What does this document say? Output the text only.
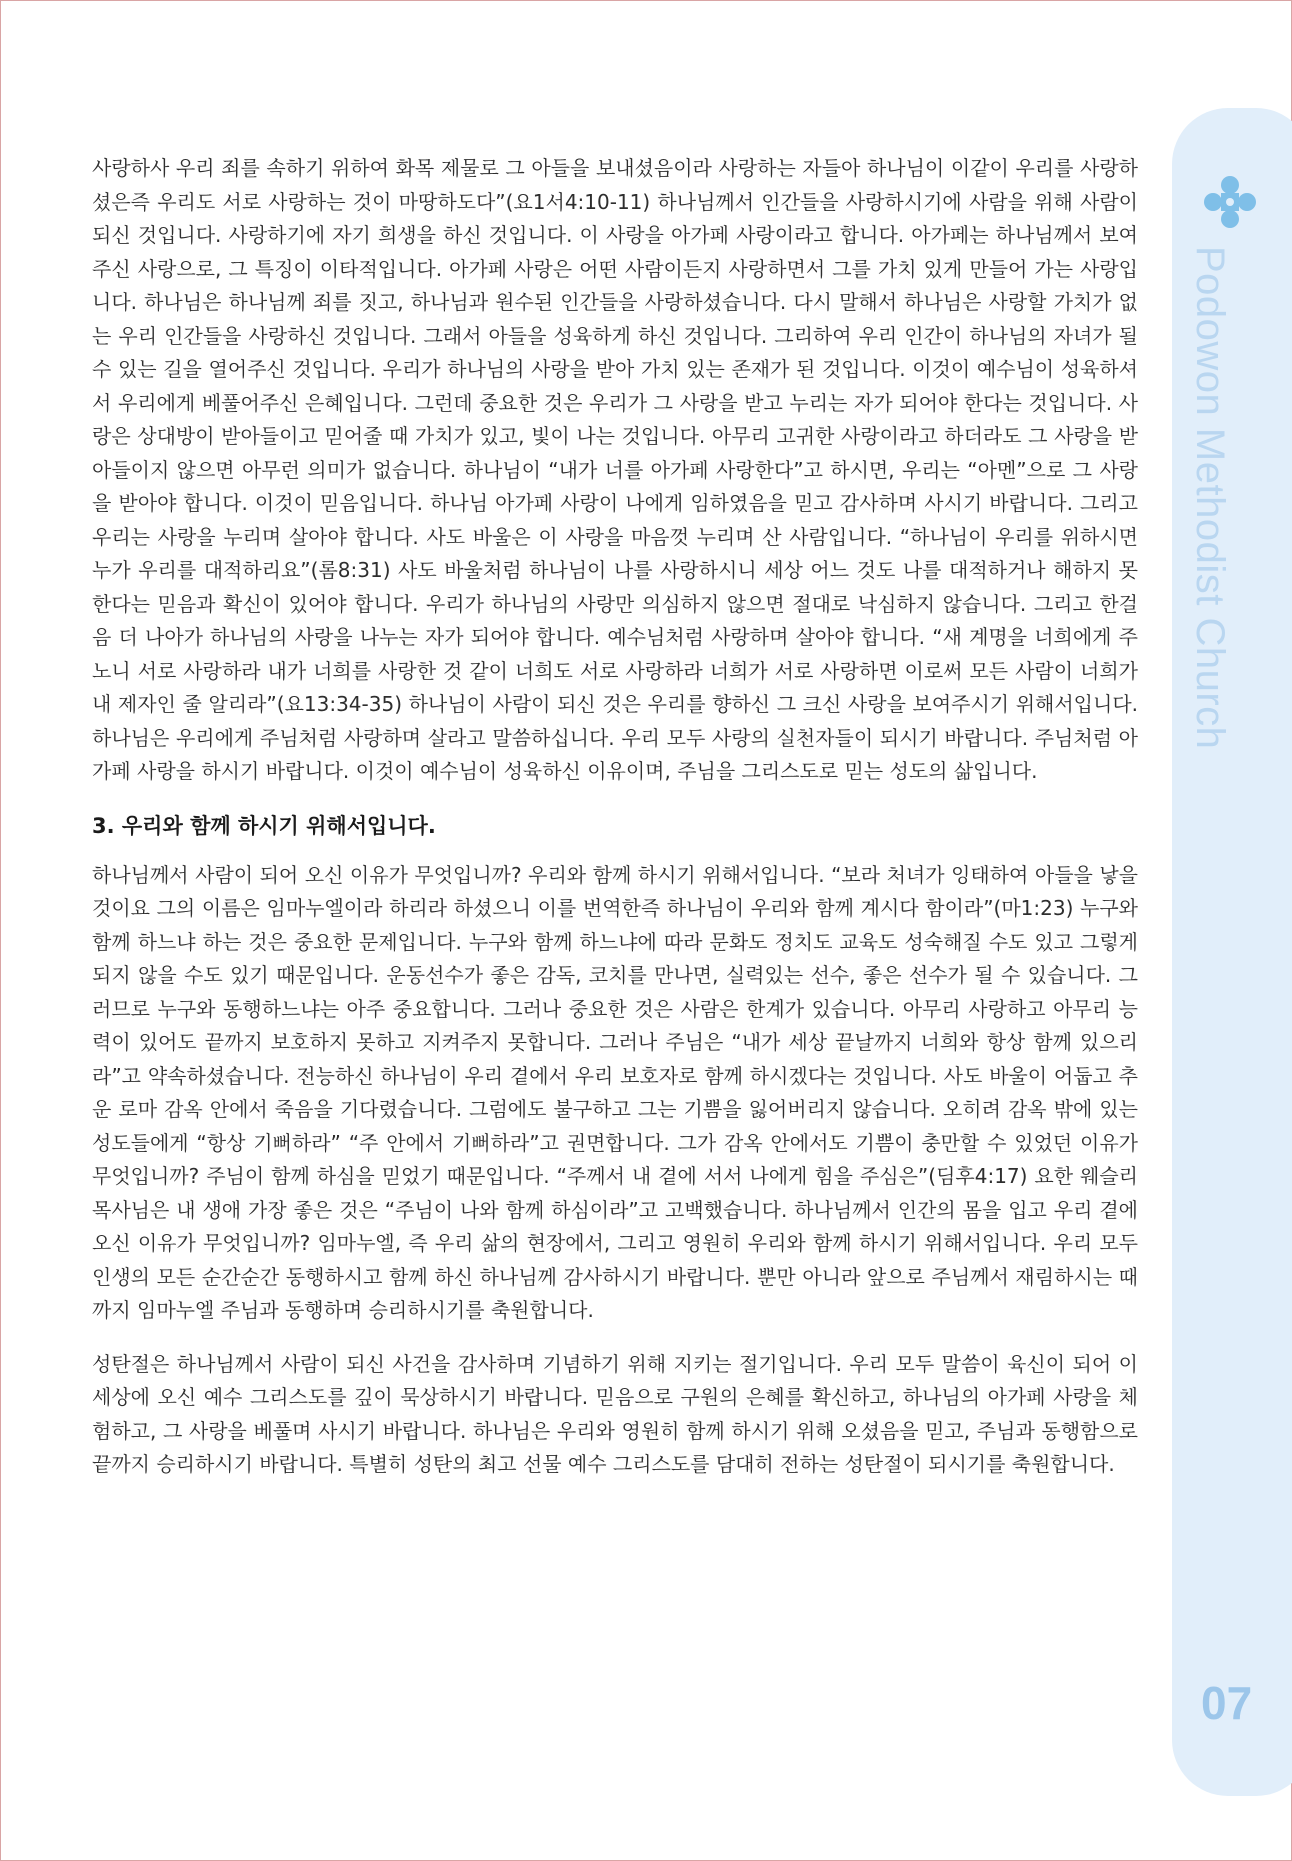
Podowon Methodist Church
07

사랑하사 우리 죄를 속하기 위하여 화목 제물로 그 아들을 보내셨음이라 사랑하는 자들아 하나님이 이같이 우리를 사랑하셨은즉 우리도 서로 사랑하는 것이 마땅하도다”(요1서4:10-11) 하나님께서 인간들을 사랑하시기에 사람을 위해 사람이 되신 것입니다. 사랑하기에 자기 희생을 하신 것입니다. 이 사랑을 아가페 사랑이라고 합니다. 아가페는 하나님께서 보여주신 사랑으로, 그 특징이 이타적입니다. 아가페 사랑은 어떤 사람이든지 사랑하면서 그를 가치 있게 만들어 가는 사랑입니다. 하나님은 하나님께 죄를 짓고, 하나님과 원수된 인간들을 사랑하셨습니다. 다시 말해서 하나님은 사랑할 가치가 없는 우리 인간들을 사랑하신 것입니다. 그래서 아들을 성육하게 하신 것입니다. 그리하여 우리 인간이 하나님의 자녀가 될 수 있는 길을 열어주신 것입니다. 우리가 하나님의 사랑을 받아 가치 있는 존재가 된 것입니다. 이것이 예수님이 성육하셔서 우리에게 베풀어주신 은혜입니다. 그런데 중요한 것은 우리가 그 사랑을 받고 누리는 자가 되어야 한다는 것입니다. 사랑은 상대방이 받아들이고 믿어줄 때 가치가 있고, 빛이 나는 것입니다. 아무리 고귀한 사랑이라고 하더라도 그 사랑을 받아들이지 않으면 아무런 의미가 없습니다. 하나님이 “내가 너를 아가페 사랑한다”고 하시면, 우리는 “아멘”으로 그 사랑을 받아야 합니다. 이것이 믿음입니다. 하나님 아가페 사랑이 나에게 임하였음을 믿고 감사하며 사시기 바랍니다. 그리고 우리는 사랑을 누리며 살아야 합니다. 사도 바울은 이 사랑을 마음껏 누리며 산 사람입니다. “하나님이 우리를 위하시면 누가 우리를 대적하리요”(롬8:31) 사도 바울처럼 하나님이 나를 사랑하시니 세상 어느 것도 나를 대적하거나 해하지 못한다는 믿음과 확신이 있어야 합니다. 우리가 하나님의 사랑만 의심하지 않으면 절대로 낙심하지 않습니다. 그리고 한걸음 더 나아가 하나님의 사랑을 나누는 자가 되어야 합니다. 예수님처럼 사랑하며 살아야 합니다. “새 계명을 너희에게 주노니 서로 사랑하라 내가 너희를 사랑한 것 같이 너희도 서로 사랑하라 너희가 서로 사랑하면 이로써 모든 사람이 너희가 내 제자인 줄 알리라”(요13:34-35) 하나님이 사람이 되신 것은 우리를 향하신 그 크신 사랑을 보여주시기 위해서입니다. 하나님은 우리에게 주님처럼 사랑하며 살라고 말씀하십니다. 우리 모두 사랑의 실천자들이 되시기 바랍니다. 주님처럼 아가페 사랑을 하시기 바랍니다. 이것이 예수님이 성육하신 이유이며, 주님을 그리스도로 믿는 성도의 삶입니다.

3. 우리와 함께 하시기 위해서입니다.

하나님께서 사람이 되어 오신 이유가 무엇입니까? 우리와 함께 하시기 위해서입니다. “보라 처녀가 잉태하여 아들을 낳을 것이요 그의 이름은 임마누엘이라 하리라 하셨으니 이를 번역한즉 하나님이 우리와 함께 계시다 함이라”(마1:23) 누구와 함께 하느냐 하는 것은 중요한 문제입니다. 누구와 함께 하느냐에 따라 문화도 정치도 교육도 성숙해질 수도 있고 그렇게 되지 않을 수도 있기 때문입니다. 운동선수가 좋은 감독, 코치를 만나면, 실력있는 선수, 좋은 선수가 될 수 있습니다. 그러므로 누구와 동행하느냐는 아주 중요합니다. 그러나 중요한 것은 사람은 한계가 있습니다. 아무리 사랑하고 아무리 능력이 있어도 끝까지 보호하지 못하고 지켜주지 못합니다. 그러나 주님은 “내가 세상 끝날까지 너희와 항상 함께 있으리라”고 약속하셨습니다. 전능하신 하나님이 우리 곁에서 우리 보호자로 함께 하시겠다는 것입니다. 사도 바울이 어둡고 추운 로마 감옥 안에서 죽음을 기다렸습니다. 그럼에도 불구하고 그는 기쁨을 잃어버리지 않습니다. 오히려 감옥 밖에 있는 성도들에게 “항상 기뻐하라” “주 안에서 기뻐하라”고 권면합니다. 그가 감옥 안에서도 기쁨이 충만할 수 있었던 이유가 무엇입니까? 주님이 함께 하심을 믿었기 때문입니다. “주께서 내 곁에 서서 나에게 힘을 주심은”(딤후4:17) 요한 웨슬리 목사님은 내 생애 가장 좋은 것은 “주님이 나와 함께 하심이라”고 고백했습니다. 하나님께서 인간의 몸을 입고 우리 곁에 오신 이유가 무엇입니까? 임마누엘, 즉 우리 삶의 현장에서, 그리고 영원히 우리와 함께 하시기 위해서입니다. 우리 모두 인생의 모든 순간순간 동행하시고 함께 하신 하나님께 감사하시기 바랍니다. 뿐만 아니라 앞으로 주님께서 재림하시는 때까지 임마누엘 주님과 동행하며 승리하시기를 축원합니다.

성탄절은 하나님께서 사람이 되신 사건을 감사하며 기념하기 위해 지키는 절기입니다. 우리 모두 말씀이 육신이 되어 이 세상에 오신 예수 그리스도를 깊이 묵상하시기 바랍니다. 믿음으로 구원의 은혜를 확신하고, 하나님의 아가페 사랑을 체험하고, 그 사랑을 베풀며 사시기 바랍니다. 하나님은 우리와 영원히 함께 하시기 위해 오셨음을 믿고, 주님과 동행함으로 끝까지 승리하시기 바랍니다. 특별히 성탄의 최고 선물 예수 그리스도를 담대히 전하는 성탄절이 되시기를 축원합니다.
